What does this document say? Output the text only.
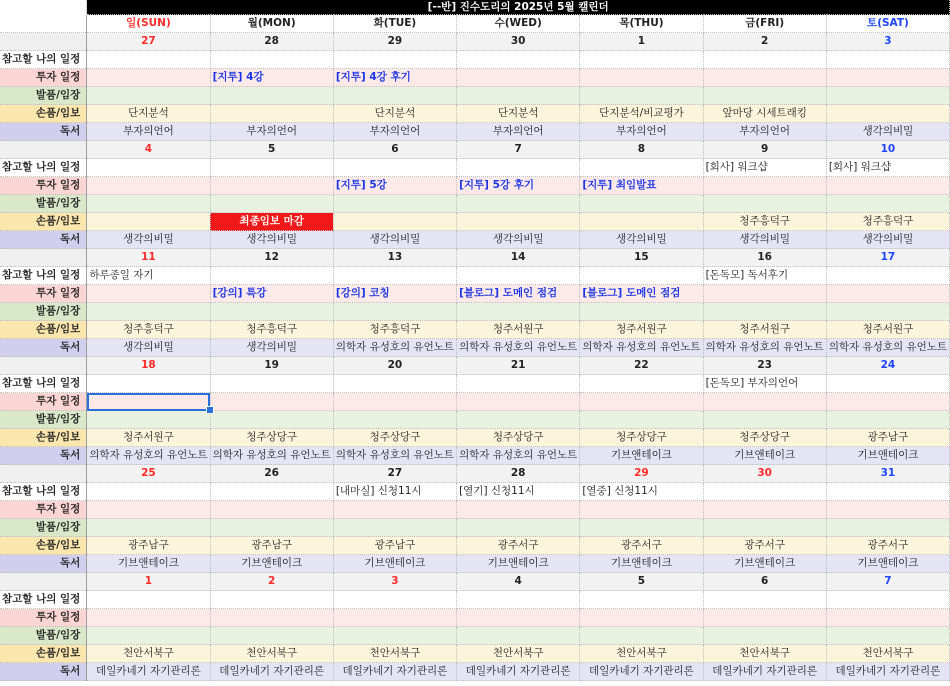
	[--반] 진수도리의 2025년 5월 캘린더						
	일(SUN)	월(MON)	화(TUE)	수(WED)	목(THU)	금(FRI)	토(SAT)
	27	28	29	30	1	2	3
참고할 나의 일정							
투자 일정		[지투] 4강	[지투] 4강 후기				
발품/임장							
손품/임보	단지분석		단지분석	단지분석	단지분석/비교평가	앞마당 시세트래킹	
독서	부자의언어	부자의언어	부자의언어	부자의언어	부자의언어	부자의언어	생각의비밀
	4	5	6	7	8	9	10
참고할 나의 일정						[회사] 워크샵	[회사] 워크샵
투자 일정			[지투] 5강	[지투] 5강 후기	[지투] 최임발표		
발품/임장							
손품/임보		최종임보 마감				청주흥덕구	청주흥덕구
독서	생각의비밀	생각의비밀	생각의비밀	생각의비밀	생각의비밀	생각의비밀	생각의비밀
	11	12	13	14	15	16	17
참고할 나의 일정	하루종일 자기					[돈독모] 독서후기	
투자 일정		[강의] 특강	[강의] 코칭	[블로그] 도메인 점검	[블로그] 도메인 점검		
발품/임장							
손품/임보	청주흥덕구	청주흥덕구	청주흥덕구	청주서원구	청주서원구	청주서원구	청주서원구
독서	생각의비밀	생각의비밀	의학자 유성호의 유언노트	의학자 유성호의 유언노트	의학자 유성호의 유언노트	의학자 유성호의 유언노트	의학자 유성호의 유언노트
	18	19	20	21	22	23	24
참고할 나의 일정						[돈독모] 부자의언어	
투자 일정	

발품/임장							
손품/임보	청주서원구	청주상당구	청주상당구	청주상당구	청주상당구	청주상당구	광주남구
독서	의학자 유성호의 유언노트	의학자 유성호의 유언노트	의학자 유성호의 유언노트	의학자 유성호의 유언노트	기브앤테이크	기브앤테이크	기브앤테이크
	25	26	27	28	29	30	31
참고할 나의 일정			[내마실] 신청11시	[열기] 신청11시	[열중] 신청11시		
투자 일정							
발품/임장							
손품/임보	광주남구	광주남구	광주남구	광주서구	광주서구	광주서구	광주서구
독서	기브앤테이크	기브앤테이크	기브앤테이크	기브앤테이크	기브앤테이크	기브앤테이크	기브앤테이크
	1	2	3	4	5	6	7
참고할 나의 일정							
투자 일정							
발품/임장							
손품/임보	천안서북구	천안서북구	천안서북구	천안서북구	천안서북구	천안서북구	천안서북구
독서	데일카네기 자기관리론	데일카네기 자기관리론	데일카네기 자기관리론	데일카네기 자기관리론	데일카네기 자기관리론	데일카네기 자기관리론	데일카네기 자기관리론
